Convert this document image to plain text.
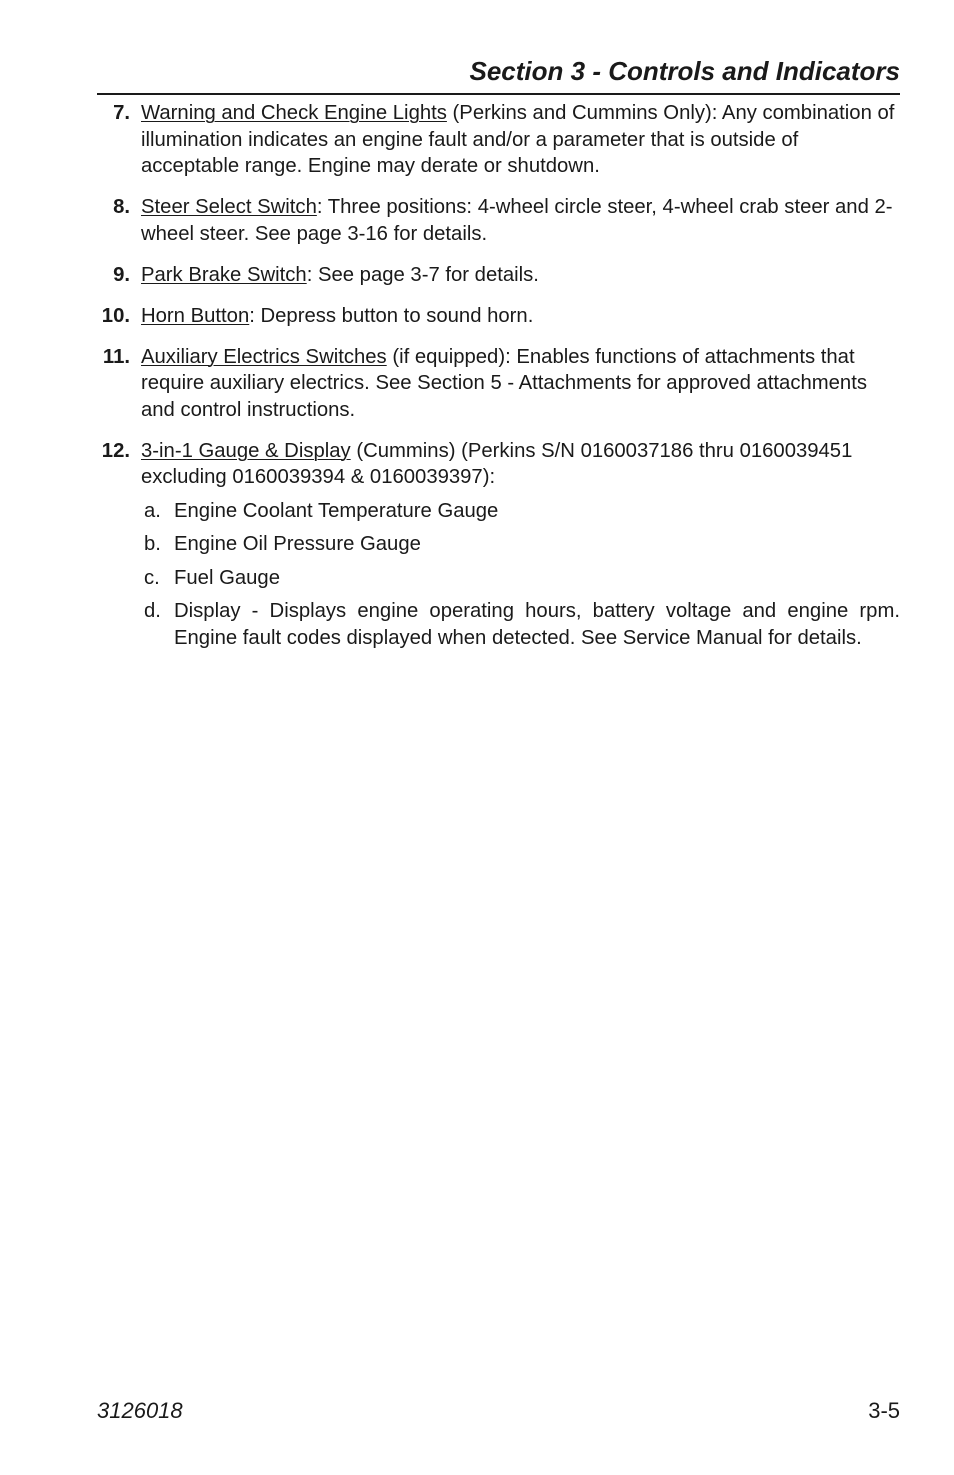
Section 3 - Controls and Indicators
7. Warning and Check Engine Lights (Perkins and Cummins Only): Any combination of illumination indicates an engine fault and/or a parameter that is outside of acceptable range. Engine may derate or shutdown.
8. Steer Select Switch: Three positions: 4-wheel circle steer, 4-wheel crab steer and 2-wheel steer. See page 3-16 for details.
9. Park Brake Switch: See page 3-7 for details.
10. Horn Button: Depress button to sound horn.
11. Auxiliary Electrics Switches (if equipped): Enables functions of attachments that require auxiliary electrics. See Section 5 - Attachments for approved attachments and control instructions.
12. 3-in-1 Gauge & Display (Cummins) (Perkins S/N 0160037186 thru 0160039451 excluding 0160039394 & 0160039397):
a. Engine Coolant Temperature Gauge
b. Engine Oil Pressure Gauge
c. Fuel Gauge
d. Display - Displays engine operating hours, battery voltage and engine rpm. Engine fault codes displayed when detected. See Service Manual for details.
3126018	3-5
